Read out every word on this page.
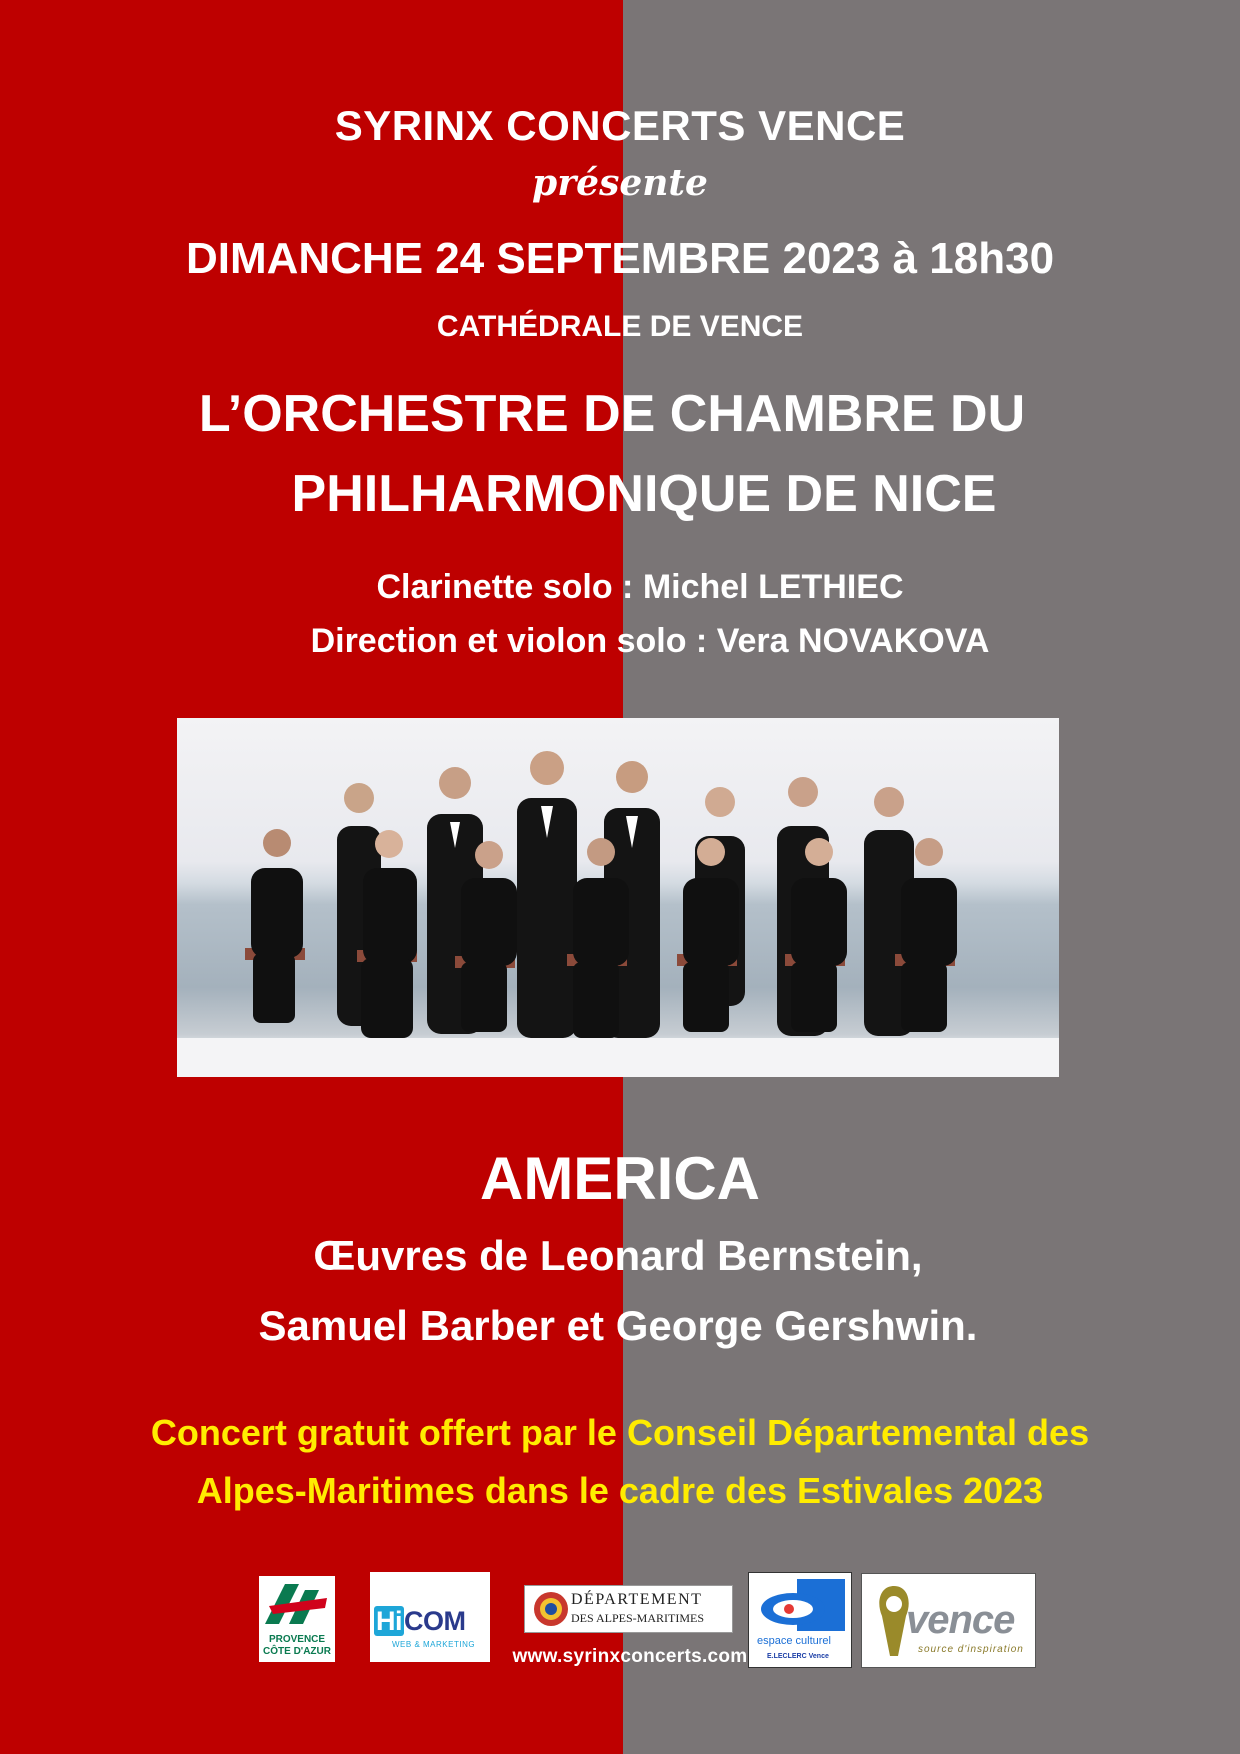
SYRINX CONCERTS VENCE
présente
DIMANCHE 24 SEPTEMBRE 2023 à 18h30
CATHÉDRALE DE VENCE
L’ORCHESTRE DE CHAMBRE DU
PHILHARMONIQUE DE NICE
Clarinette solo : Michel LETHIEC
Direction et violon solo : Vera NOVAKOVA
AMERICA
Œuvres de Leonard Bernstein,
Samuel Barber et George Gershwin.
Concert gratuit offert par le Conseil Départemental des
Alpes-Maritimes dans le cadre des Estivales 2023
PROVENCE
CÔTE D'AZUR
HiCOM
WEB & MARKETING
DÉPARTEMENT
DES ALPES-MARITIMES
www.syrinxconcerts.com
espace culturel
E.LECLERC Vence
vence
source d'inspiration
